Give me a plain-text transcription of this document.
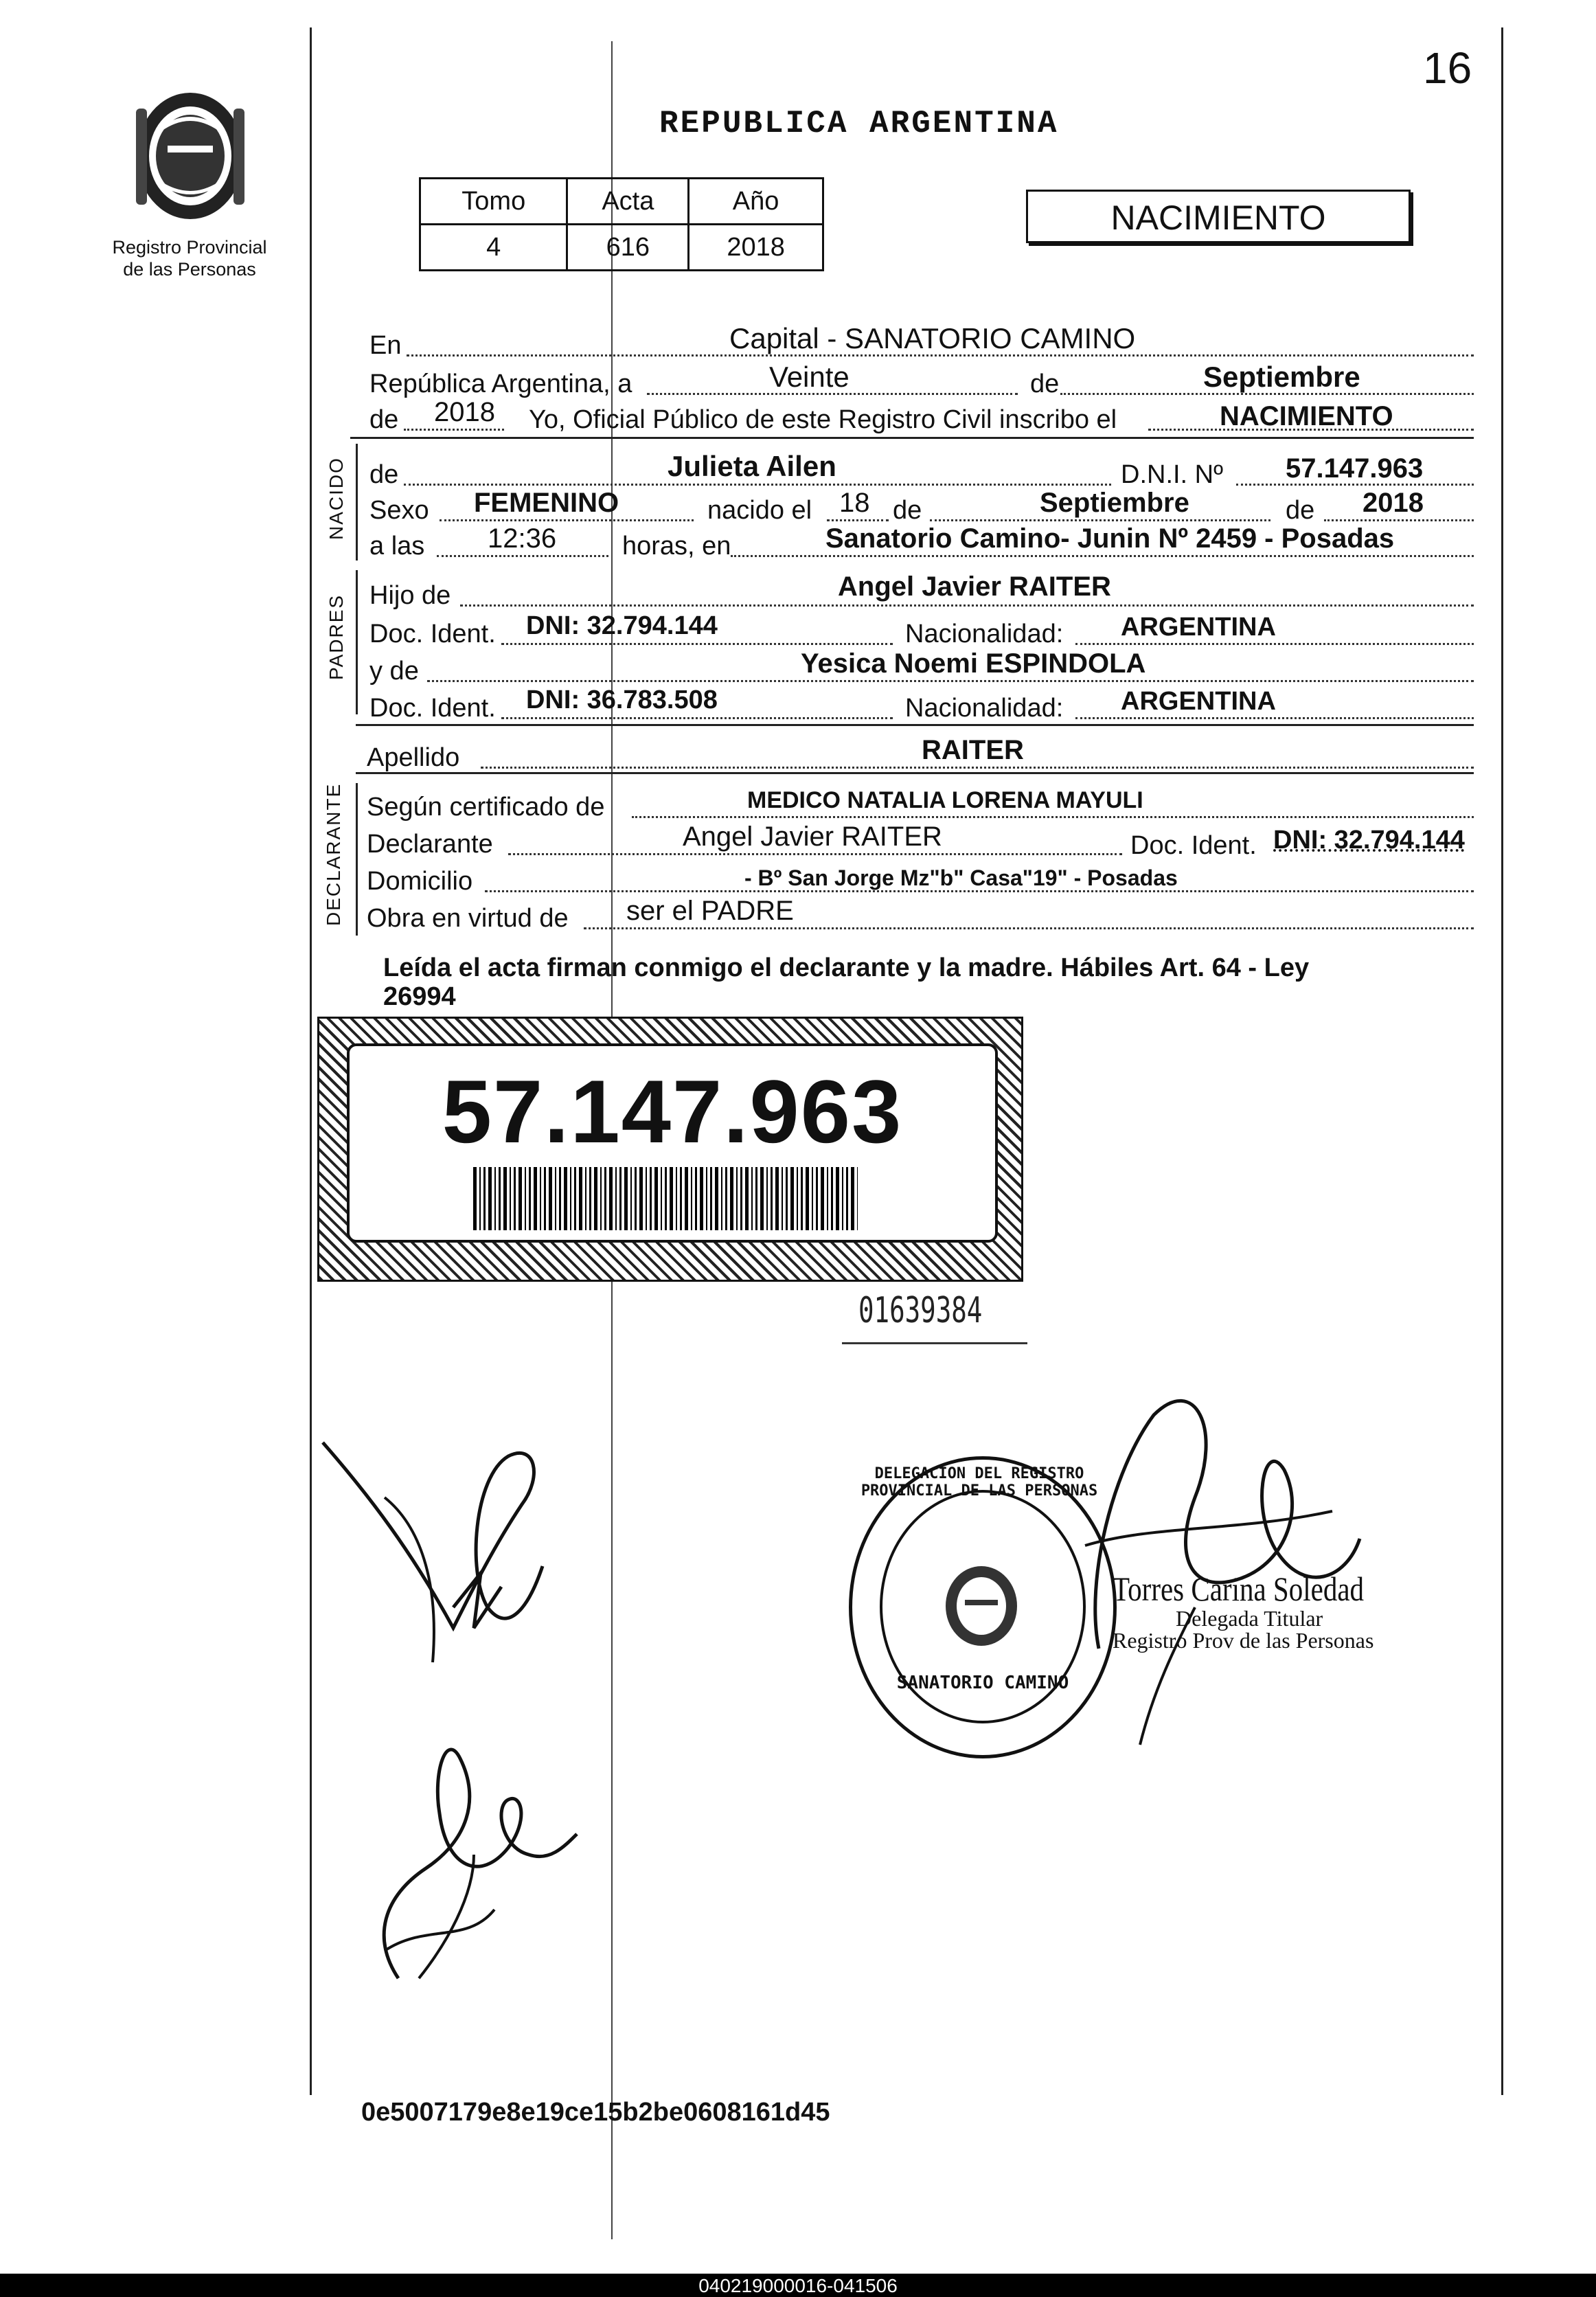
16
Registro Provincial
de las Personas
REPUBLICA ARGENTINA
Tomo	Acta	Año
4	616	2018
NACIMIENTO
En	Capital - SANATORIO CAMINO
República Argentina, a	Veinte	de	Septiembre
de 2018 Yo, Oficial Público de este Registro Civil inscribo el	NACIMIENTO
NACIDO de	Julieta Ailen	D.N.I. Nº 57.147.963
Sexo FEMENINO	nacido el 18 de	Septiembre	de 2018
a las 12:36	horas, en	Sanatorio Camino- Junin Nº 2459 - Posadas
PADRES Hijo de	Angel Javier RAITER
Doc. Ident. DNI: 32.794.144	Nacionalidad: ARGENTINA
y de	Yesica Noemi ESPINDOLA
Doc. Ident. DNI: 36.783.508	Nacionalidad: ARGENTINA
Apellido	RAITER
DECLARANTE Según certificado de	MEDICO NATALIA LORENA MAYULI
Declarante	Angel Javier RAITER	Doc. Ident. DNI: 32.794.144
Domicilio	- Bº San Jorge Mz"b" Casa"19" - Posadas
Obra en virtud de ser el PADRE
Leída el acta firman conmigo el declarante y la madre. Hábiles Art. 64 - Ley
26994
57.147.963
01639384
DELEGACION DEL REGISTRO PROVINCIAL DE LAS PERSONAS
SANATORIO CAMINO
Torres Carina Soledad
Delegada Titular
Registro Prov de las Personas
0e5007179e8e19ce15b2be0608161d45
040219000016-041506
